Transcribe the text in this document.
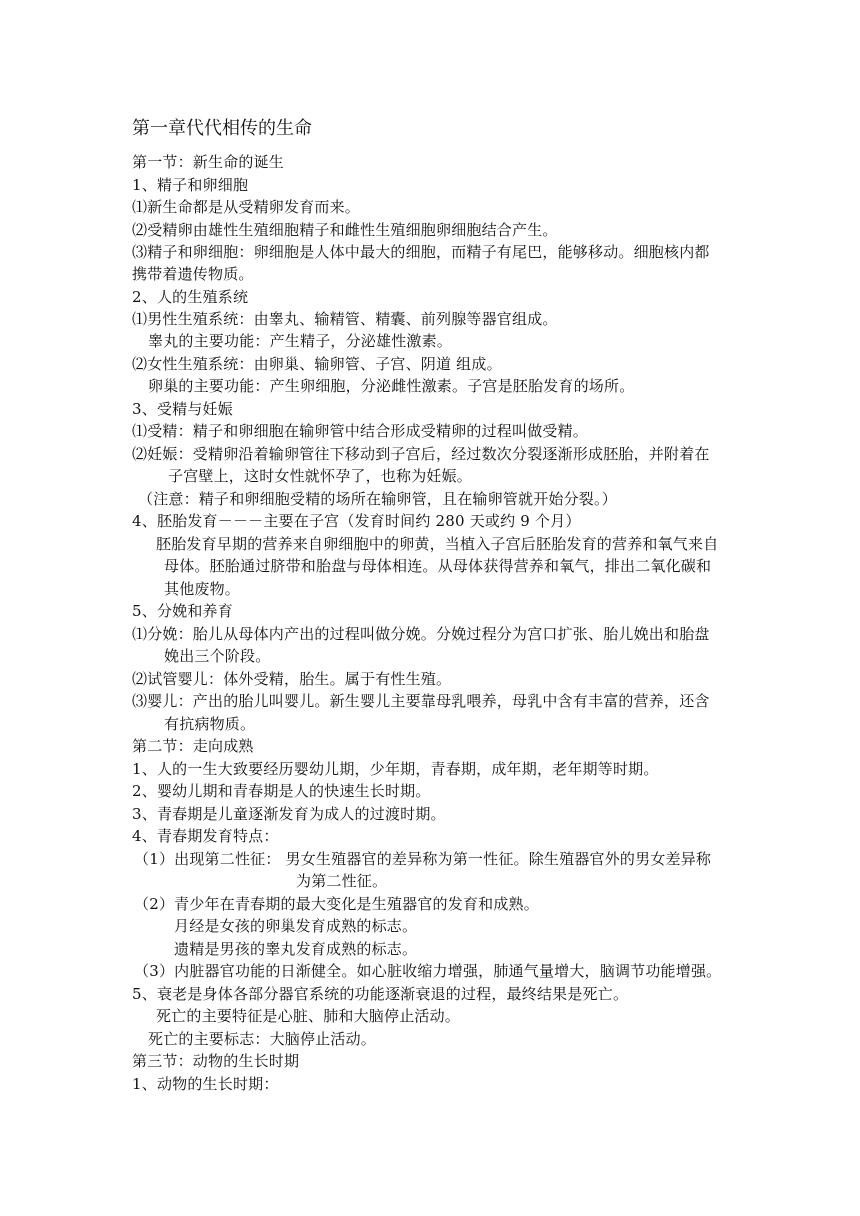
第一章代代相传的生命
第一节：新生命的诞生
1、精子和卵细胞
⑴新生命都是从受精卵发育而来。
⑵受精卵由雄性生殖细胞精子和雌性生殖细胞卵细胞结合产生。
⑶精子和卵细胞：卵细胞是人体中最大的细胞，而精子有尾巴，能够移动。细胞核内都
携带着遗传物质。
2、人的生殖系统
⑴男性生殖系统：由睾丸、输精管、精囊、前列腺等器官组成。
睾丸的主要功能：产生精子，分泌雄性激素。
⑵女性生殖系统：由卵巢、输卵管、子宫、阴道 组成。
卵巢的主要功能：产生卵细胞，分泌雌性激素。子宫是胚胎发育的场所。
3、受精与妊娠
⑴受精：精子和卵细胞在输卵管中结合形成受精卵的过程叫做受精。
⑵妊娠：受精卵沿着输卵管往下移动到子宫后，经过数次分裂逐渐形成胚胎，并附着在
子宫壁上，这时女性就怀孕了，也称为妊娠。
（注意：精子和卵细胞受精的场所在输卵管，且在输卵管就开始分裂。）
4、胚胎发育－－－主要在子宫（发育时间约 280 天或约 9 个月）
胚胎发育早期的营养来自卵细胞中的卵黄，当植入子宫后胚胎发育的营养和氧气来自
母体。胚胎通过脐带和胎盘与母体相连。从母体获得营养和氧气，排出二氧化碳和
其他废物。
5、分娩和养育
⑴分娩：胎儿从母体内产出的过程叫做分娩。分娩过程分为宫口扩张、胎儿娩出和胎盘
娩出三个阶段。
⑵试管婴儿：体外受精，胎生。属于有性生殖。
⑶婴儿：产出的胎儿叫婴儿。新生婴儿主要靠母乳喂养，母乳中含有丰富的营养，还含
有抗病物质。
第二节：走向成熟
1、人的一生大致要经历婴幼儿期，少年期，青春期，成年期，老年期等时期。
2、婴幼儿期和青春期是人的快速生长时期。
3、青春期是儿童逐渐发育为成人的过渡时期。
4、青春期发育特点：
（1）出现第二性征： 男女生殖器官的差异称为第一性征。除生殖器官外的男女差异称
为第二性征。
（2）青少年在青春期的最大变化是生殖器官的发育和成熟。
月经是女孩的卵巢发育成熟的标志。
遗精是男孩的睾丸发育成熟的标志。
（3）内脏器官功能的日渐健全。如心脏收缩力增强，肺通气量增大，脑调节功能增强。
5、衰老是身体各部分器官系统的功能逐渐衰退的过程，最终结果是死亡。
死亡的主要特征是心脏、肺和大脑停止活动。
死亡的主要标志：大脑停止活动。
第三节：动物的生长时期
1、动物的生长时期：
